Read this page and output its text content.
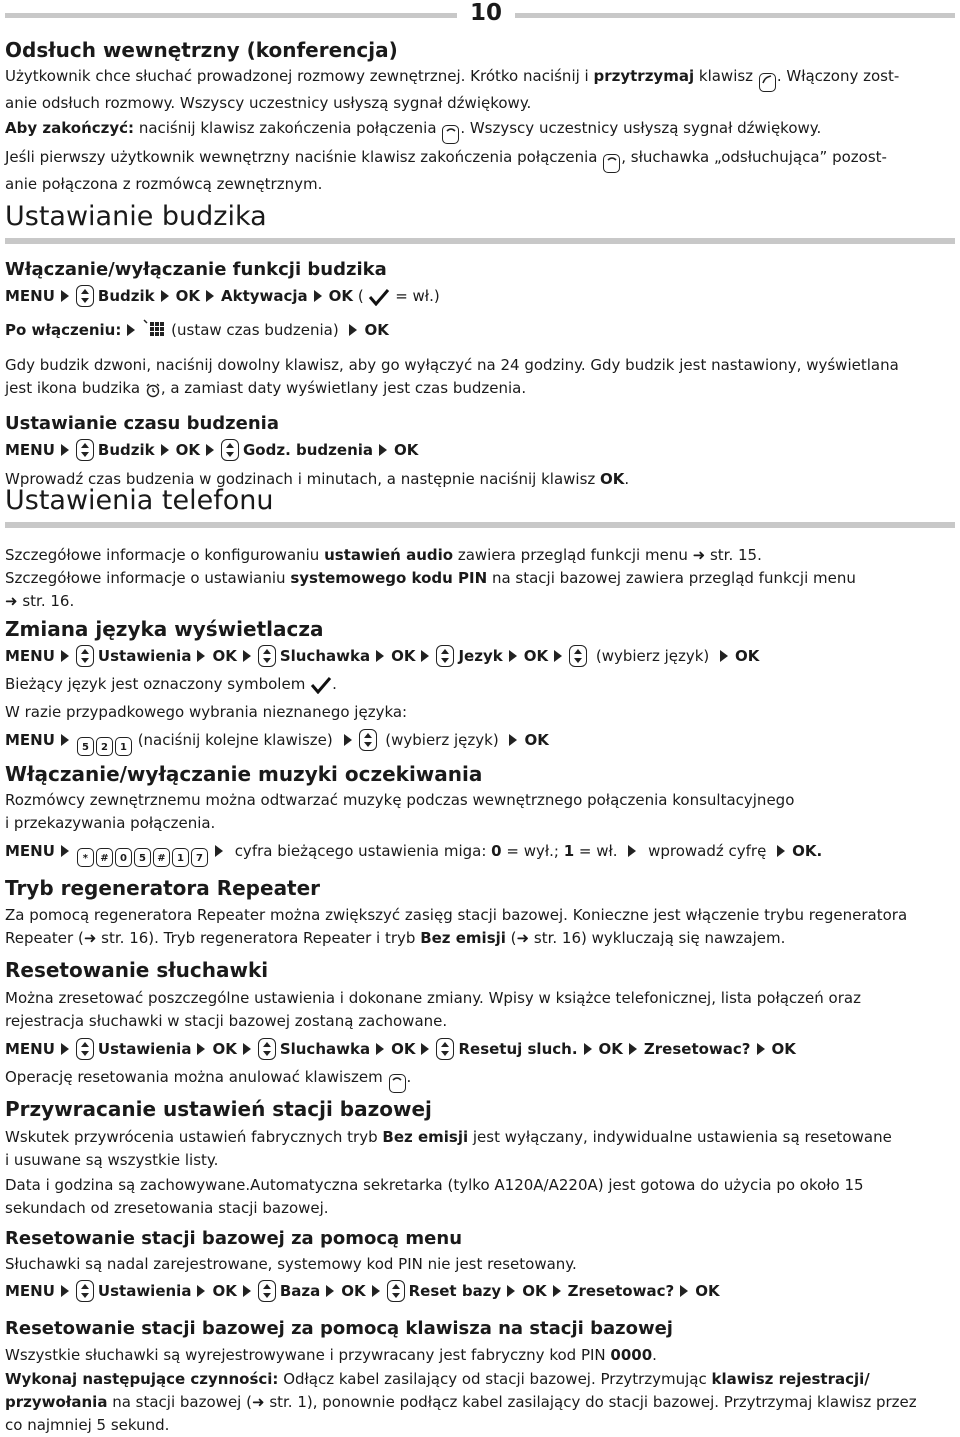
10
Odsłuch wewnętrzny (konferencja)
Użytkownik chce słuchać prowadzonej rozmowy zewnętrznej. Krótko naciśnij i przytrzymaj klawisz . Włączony zost-
anie odsłuch rozmowy. Wszyscy uczestnicy usłyszą sygnał dźwiękowy.
Aby zakończyć: naciśnij klawisz zakończenia połączenia . Wszyscy uczestnicy usłyszą sygnał dźwiękowy.
Jeśli pierwszy użytkownik wewnętrzny naciśnie klawisz zakończenia połączenia , słuchawka „odsłuchująca” pozost-
anie połączona z rozmówcą zewnętrznym.
Ustawianie budzika
Włączanie/wyłączanie funkcji budzika
MENU	Budzik OK Aktywacja OK (  = wł.)
Po włączeniu:	(ustaw czas budzenia) OK
Gdy budzik dzwoni, naciśnij dowolny klawisz, aby go wyłączyć na 24 godziny. Gdy budzik jest nastawiony, wyświetlana
jest ikona budzika , a zamiast daty wyświetlany jest czas budzenia.
Ustawianie czasu budzenia
MENU	Budzik OK	Godz. budzenia OK
Wprowadź czas budzenia w godzinach i minutach, a następnie naciśnij klawisz OK.
Ustawienia telefonu
Szczegółowe informacje o konfigurowaniu ustawień audio zawiera przegląd funkcji menu ➜ str. 15.
Szczegółowe informacje o ustawianiu systemowego kodu PIN na stacji bazowej zawiera przegląd funkcji menu
➜ str. 16.
Zmiana języka wyświetlacza
MENU	Ustawienia OK	Sluchawka OK	Jezyk OK	(wybierz język) OK
Bieżący język jest oznaczony symbolem .
W razie przypadkowego wybrania nieznanego języka:
MENU	5 2 1 (naciśnij kolejne klawisze)	(wybierz język) OK
Włączanie/wyłączanie muzyki oczekiwania
Rozmówcy zewnętrznemu można odtwarzać muzykę podczas wewnętrznego połączenia konsultacyjnego
i przekazywania połączenia.
MENU	* # 0 5 # 1 7 cyfra bieżącego ustawienia miga: 0 = wył.; 1 = wł.  wprowadź cyfrę OK.
Tryb regeneratora Repeater
Za pomocą regeneratora Repeater można zwiększyć zasięg stacji bazowej. Konieczne jest włączenie trybu regeneratora
Repeater (➜ str. 16). Tryb regeneratora Repeater i tryb Bez emisji (➜ str. 16) wykluczają się nawzajem.
Resetowanie słuchawki
Można zresetować poszczególne ustawienia i dokonane zmiany. Wpisy w książce telefonicznej, lista połączeń oraz
rejestracja słuchawki w stacji bazowej zostaną zachowane.
MENU	Ustawienia OK	Sluchawka OK	Resetuj sluch. OK Zresetowac? OK
Operację resetowania można anulować klawiszem .
Przywracanie ustawień stacji bazowej
Wskutek przywrócenia ustawień fabrycznych tryb Bez emisji jest wyłączany, indywidualne ustawienia są resetowane
i usuwane są wszystkie listy.
Data i godzina są zachowywane.Automatyczna sekretarka (tylko A120A/A220A) jest gotowa do użycia po około 15
sekundach od zresetowania stacji bazowej.
Resetowanie stacji bazowej za pomocą menu
Słuchawki są nadal zarejestrowane, systemowy kod PIN nie jest resetowany.
MENU	Ustawienia OK	Baza OK	Reset bazy OK Zresetowac? OK
Resetowanie stacji bazowej za pomocą klawisza na stacji bazowej
Wszystkie słuchawki są wyrejestrowywane i przywracany jest fabryczny kod PIN 0000.
Wykonaj następujące czynności: Odłącz kabel zasilający od stacji bazowej. Przytrzymując klawisz rejestracji/
przywołania na stacji bazowej (➜ str. 1), ponownie podłącz kabel zasilający do stacji bazowej. Przytrzymaj klawisz przez
co najmniej 5 sekund.
